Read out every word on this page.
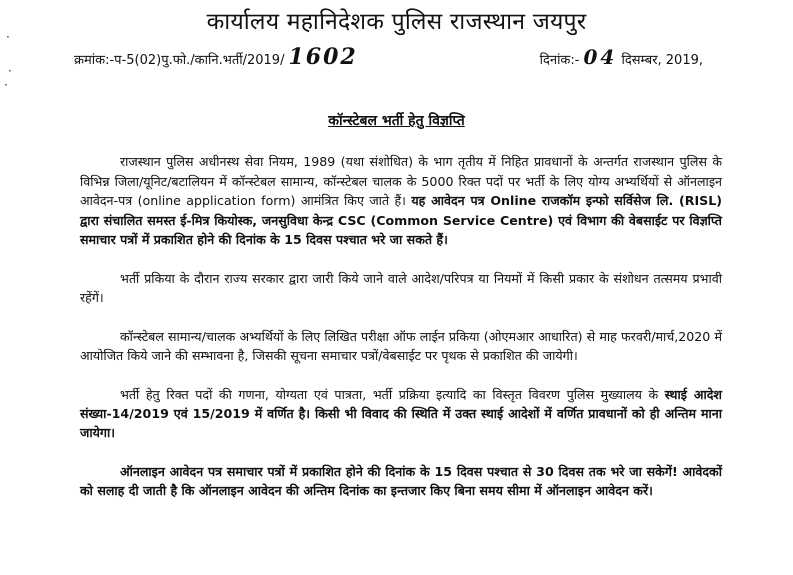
·
·
·
कार्यालय महानिदेशक पुलिस राजस्थान जयपुर
क्रमांक:-प-5(02)पु.फो./कानि.भर्ती/2019/ 1602	दिनांक:- 04 दिसम्बर, 2019,
कॉन्स्टेबल भर्ती हेतु विज्ञप्ति

राजस्थान पुलिस अधीनस्थ सेवा नियम, 1989 (यथा संशोधित) के भाग तृतीय में निहित प्रावधानों के अन्तर्गत राजस्थान पुलिस के विभिन्न जिला/यूनिट/बटालियन में कॉन्स्टेबल सामान्य, कॉन्स्टेबल चालक के 5000 रिक्त पदों पर भर्ती के लिए योग्य अभ्यर्थियों से ऑनलाइन आवेदन-पत्र (online application form) आमंत्रित किए जाते हैं। यह आवेदन पत्र Online राजकॉम इन्फो सर्विसेज लि. (RISL) द्वारा संचालित समस्त ई-मित्र कियोस्क, जनसुविधा केन्द्र CSC (Common Service Centre) एवं विभाग की वेबसाईट पर विज्ञप्ति समाचार पत्रों में प्रकाशित होने की दिनांक के 15 दिवस पश्चात भरे जा सकते हैं।

भर्ती प्रकिया के दौरान राज्य सरकार द्वारा जारी किये जाने वाले आदेश/परिपत्र या नियमों में किसी प्रकार के संशोधन तत्समय प्रभावी रहेंगें।

कॉन्स्टेबल सामान्य/चालक अभ्यर्थियों के लिए लिखित परीक्षा ऑफ लाईन प्रकिया (ओएमआर आधारित) से माह फरवरी/मार्च,2020 में आयोजित किये जाने की सम्भावना है, जिसकी सूचना समाचार पत्रों/वेबसाईट पर पृथक से प्रकाशित की जायेगी।

भर्ती हेतु रिक्त पदों की गणना, योग्यता एवं पात्रता, भर्ती प्रक्रिया इत्यादि का विस्तृत विवरण पुलिस मुख्यालय के स्थाई आदेश संख्या-14/2019 एवं 15/2019 में वर्णित है। किसी भी विवाद की स्थिति में उक्त स्थाई आदेशों में वर्णित प्रावधानों को ही अन्तिम माना जायेगा।

ऑनलाइन आवेदन पत्र समाचार पत्रों में प्रकाशित होने की दिनांक के 15 दिवस पश्चात से 30 दिवस तक भरे जा सकेगें! आवेदकों को सलाह दी जाती है कि ऑनलाइन आवेदन की अन्तिम दिनांक का इन्तजार किए बिना समय सीमा में ऑनलाइन आवेदन करें।
